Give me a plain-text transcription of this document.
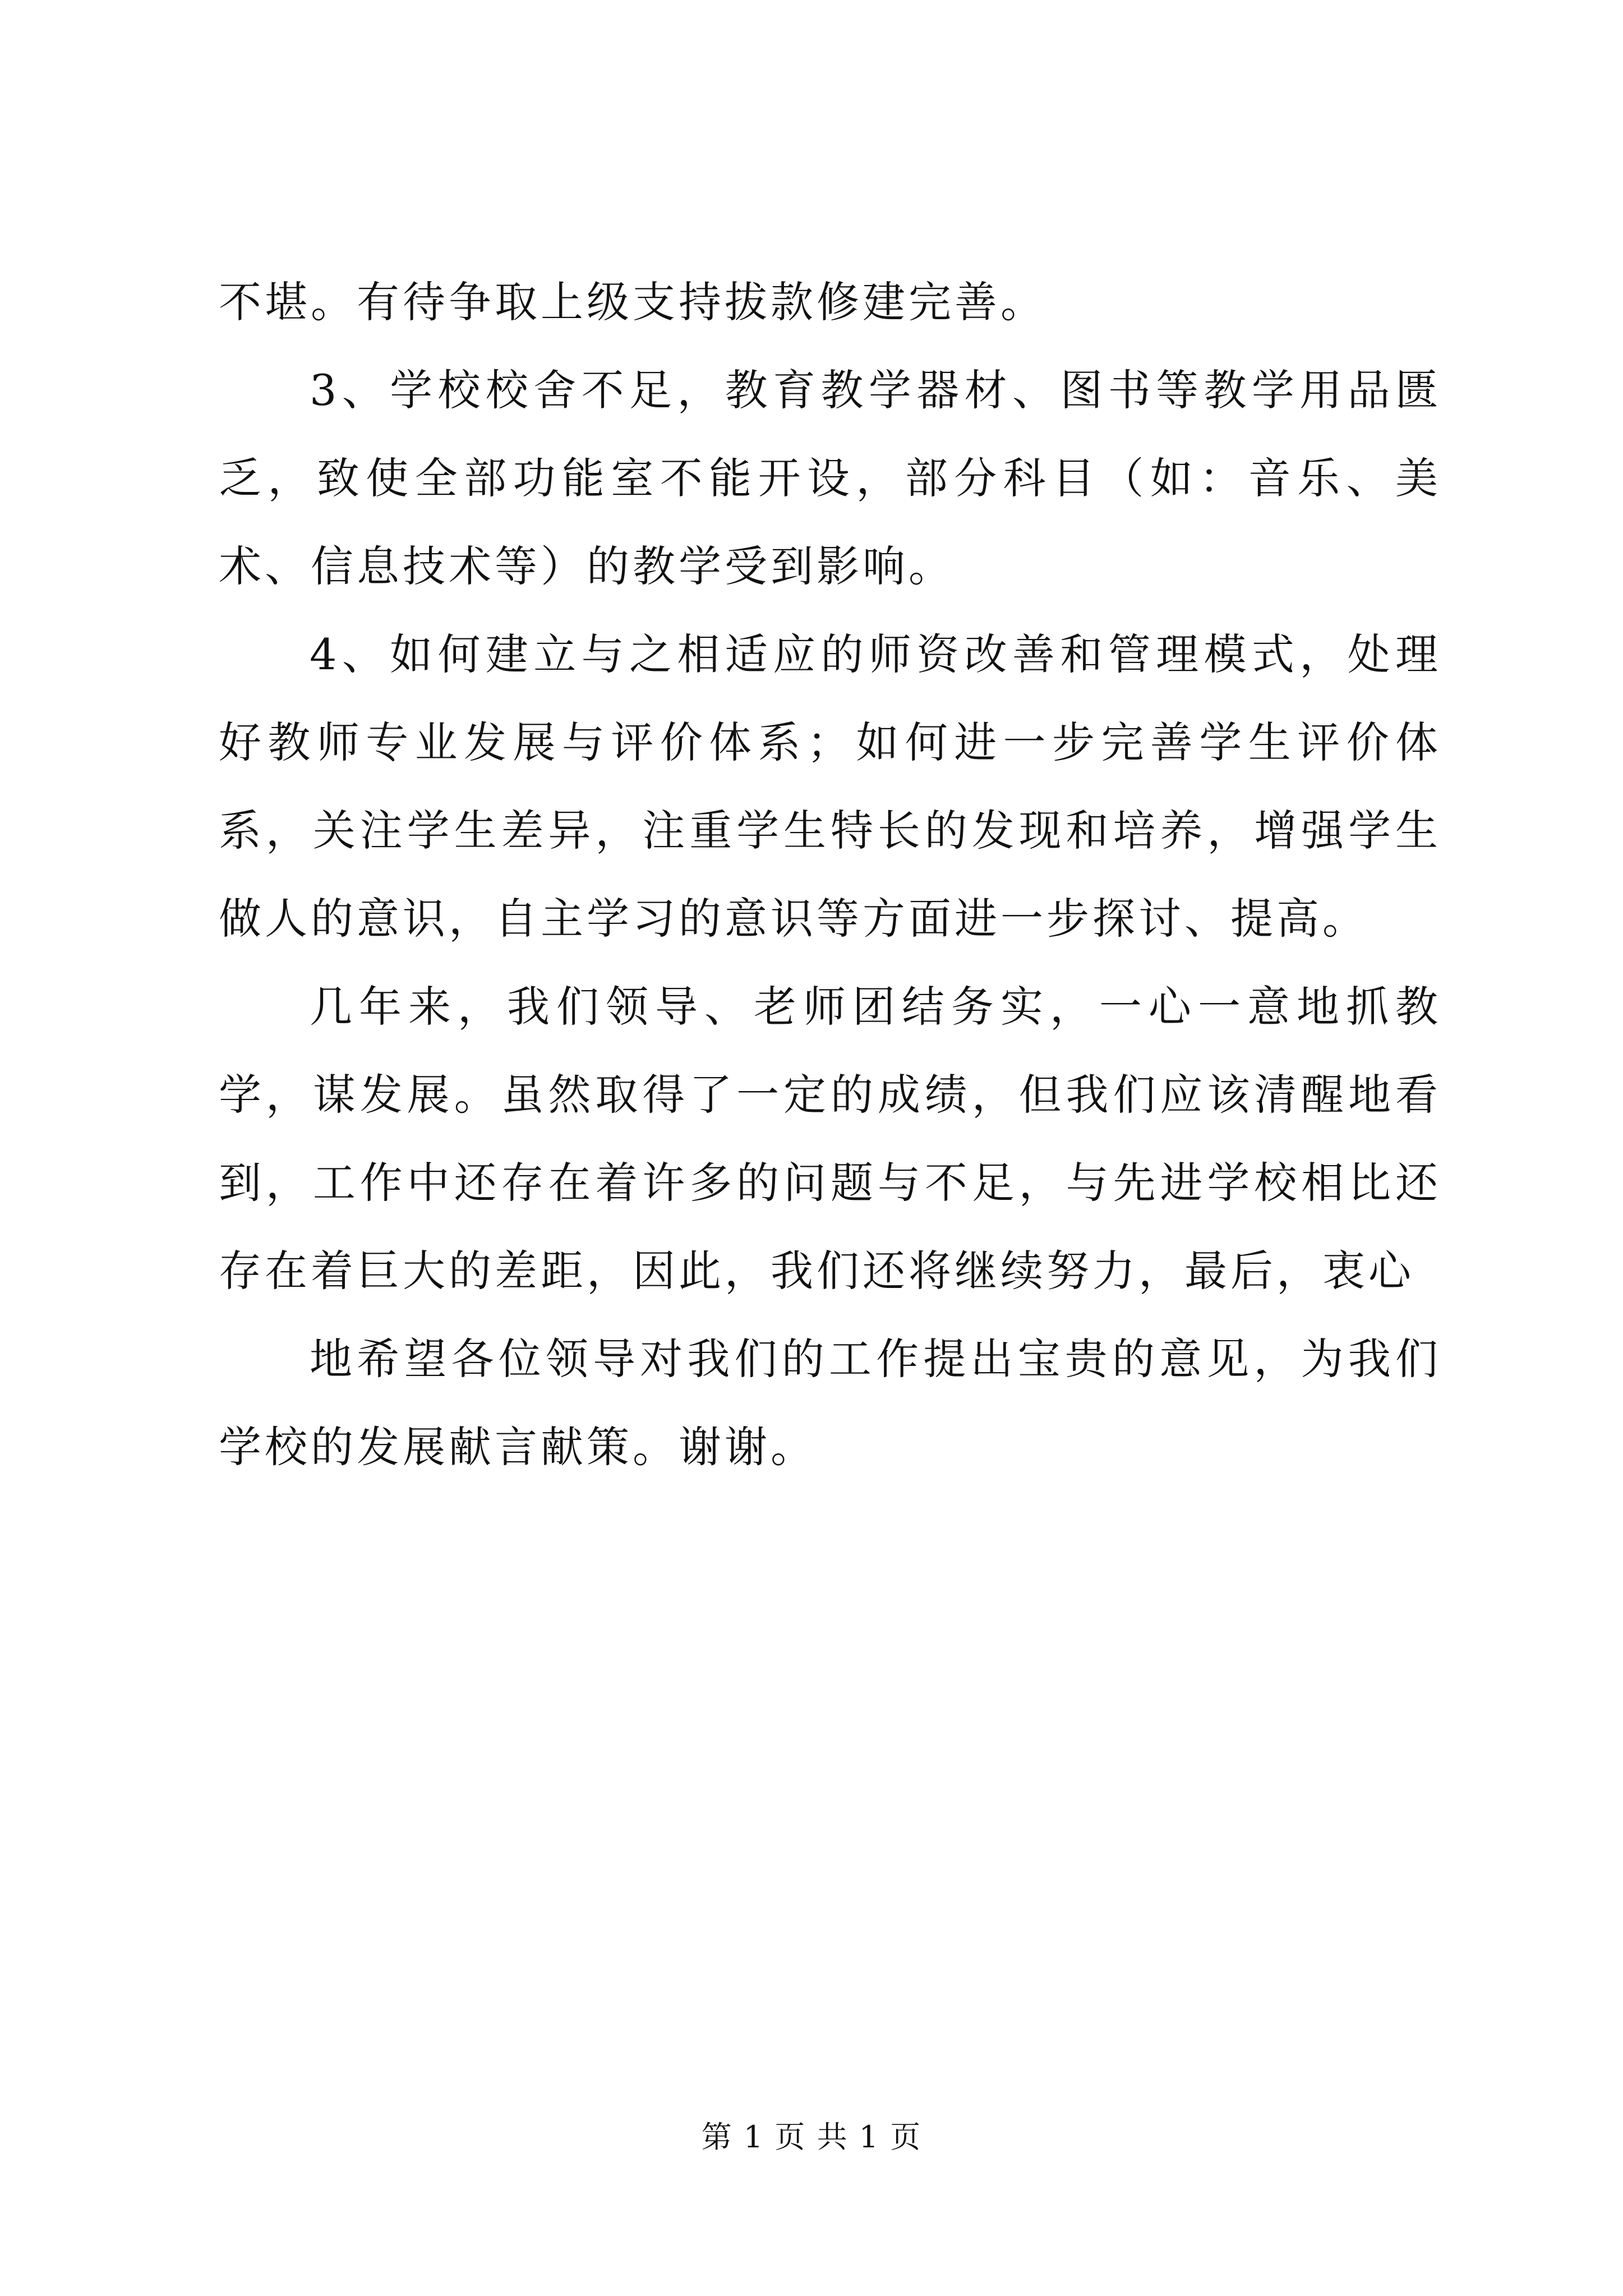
不堪。有待争取上级支持拔款修建完善。

3、学校校舍不足，教育教学器材、图书等教学用品匮乏，致使全部功能室不能开设，部分科目（如：音乐、美术、信息技术等）的教学受到影响。

4、如何建立与之相适应的师资改善和管理模式，处理好教师专业发展与评价体系；如何进一步完善学生评价体系，关注学生差异，注重学生特长的发现和培养，增强学生做人的意识，自主学习的意识等方面进一步探讨、提高。

几年来，我们领导、老师团结务实，一心一意地抓教学，谋发展。虽然取得了一定的成绩，但我们应该清醒地看到，工作中还存在着许多的问题与不足，与先进学校相比还存在着巨大的差距，因此，我们还将继续努力，最后，衷心

地希望各位领导对我们的工作提出宝贵的意见，为我们学校的发展献言献策。谢谢。

第 1 页 共 1 页
